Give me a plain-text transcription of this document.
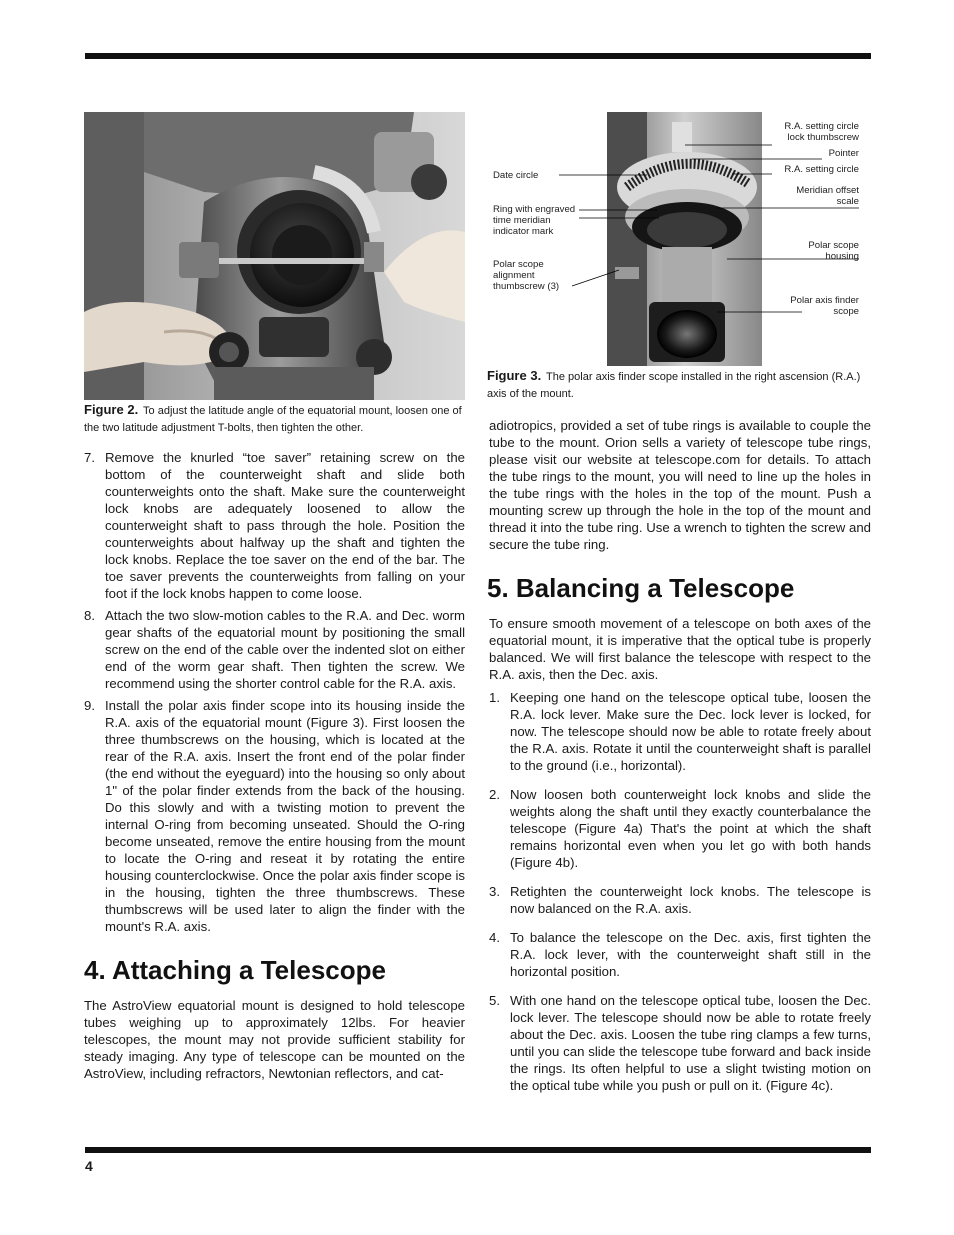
Figure 2. To adjust the latitude angle of the equatorial mount, loosen one of the two latitude adjustment T-bolts, then tighten the other.
7. Remove the knurled “toe saver” retaining screw on the bottom of the counterweight shaft and slide both counterweights onto the shaft. Make sure the counterweight lock knobs are adequately loosened to allow the counterweight shaft to pass through the hole. Position the counterweights about halfway up the shaft and tighten the lock knobs. Replace the toe saver on the end of the bar. The toe saver prevents the counterweights from falling on your foot if the lock knobs happen to come loose.
8. Attach the two slow-motion cables to the R.A. and Dec. worm gear shafts of the equatorial mount by positioning the small screw on the end of the cable over the indented slot on either end of the worm gear shaft. Then tighten the screw. We recommend using the shorter control cable for the R.A. axis.
9. Install the polar axis finder scope into its housing inside the R.A. axis of the equatorial mount (Figure 3). First loosen the three thumbscrews on the housing, which is located at the rear of the R.A. axis. Insert the front end of the polar finder (the end without the eyeguard) into the housing so only about 1" of the polar finder extends from the back of the housing. Do this slowly and with a twisting motion to prevent the internal O-ring from becoming unseated. Should the O-ring become unseated, remove the entire housing from the mount to locate the O-ring and reseat it by rotating the entire housing counterclockwise. Once the polar axis finder scope is in the housing, tighten the three thumbscrews. These thumbscrews will be used later to align the finder with the mount's R.A. axis.
4. Attaching a Telescope

The AstroView equatorial mount is designed to hold telescope tubes weighing up to approximately 12lbs. For heavier telescopes, the mount may not provide sufficient stability for steady imaging. Any type of telescope can be mounted on the AstroView, including refractors, Newtonian reflectors, and cat-

R.A. setting circle lock thumbscrew
Pointer
R.A. setting circle
Meridian offset scale
Polar scope housing
Polar axis finder scope
Date circle
Ring with engraved time meridian indicator mark
Polar scope alignment thumbscrew (3)
Figure 3. The polar axis finder scope installed in the right ascension (R.A.) axis of the mount.

adiotropics, provided a set of tube rings is available to couple the tube to the mount. Orion sells a variety of telescope tube rings, please visit our website at telescope.com for details. To attach the tube rings to the mount, you will need to line up the holes in the tube rings with the holes in the top of the mount. Push a mounting screw up through the hole in the top of the mount and thread it into the tube ring. Use a wrench to tighten the screw and secure the tube ring.

5. Balancing a Telescope

To ensure smooth movement of a telescope on both axes of the equatorial mount, it is imperative that the optical tube is properly balanced. We will first balance the telescope with respect to the R.A. axis, then the Dec. axis.

1. Keeping one hand on the telescope optical tube, loosen the R.A. lock lever. Make sure the Dec. lock lever is locked, for now. The telescope should now be able to rotate freely about the R.A. axis. Rotate it until the counterweight shaft is parallel to the ground (i.e., horizontal).
2. Now loosen both counterweight lock knobs and slide the weights along the shaft until they exactly counterbalance the telescope (Figure 4a) That's the point at which the shaft remains horizontal even when you let go with both hands (Figure 4b).
3. Retighten the counterweight lock knobs. The telescope is now balanced on the R.A. axis.
4. To balance the telescope on the Dec. axis, first tighten the R.A. lock lever, with the counterweight shaft still in the horizontal position.
5. With one hand on the telescope optical tube, loosen the Dec. lock lever. The telescope should now be able to rotate freely about the Dec. axis. Loosen the tube ring clamps a few turns, until you can slide the telescope tube forward and back inside the rings. Its often helpful to use a slight twisting motion on the optical tube while you push or pull on it. (Figure 4c).
4
